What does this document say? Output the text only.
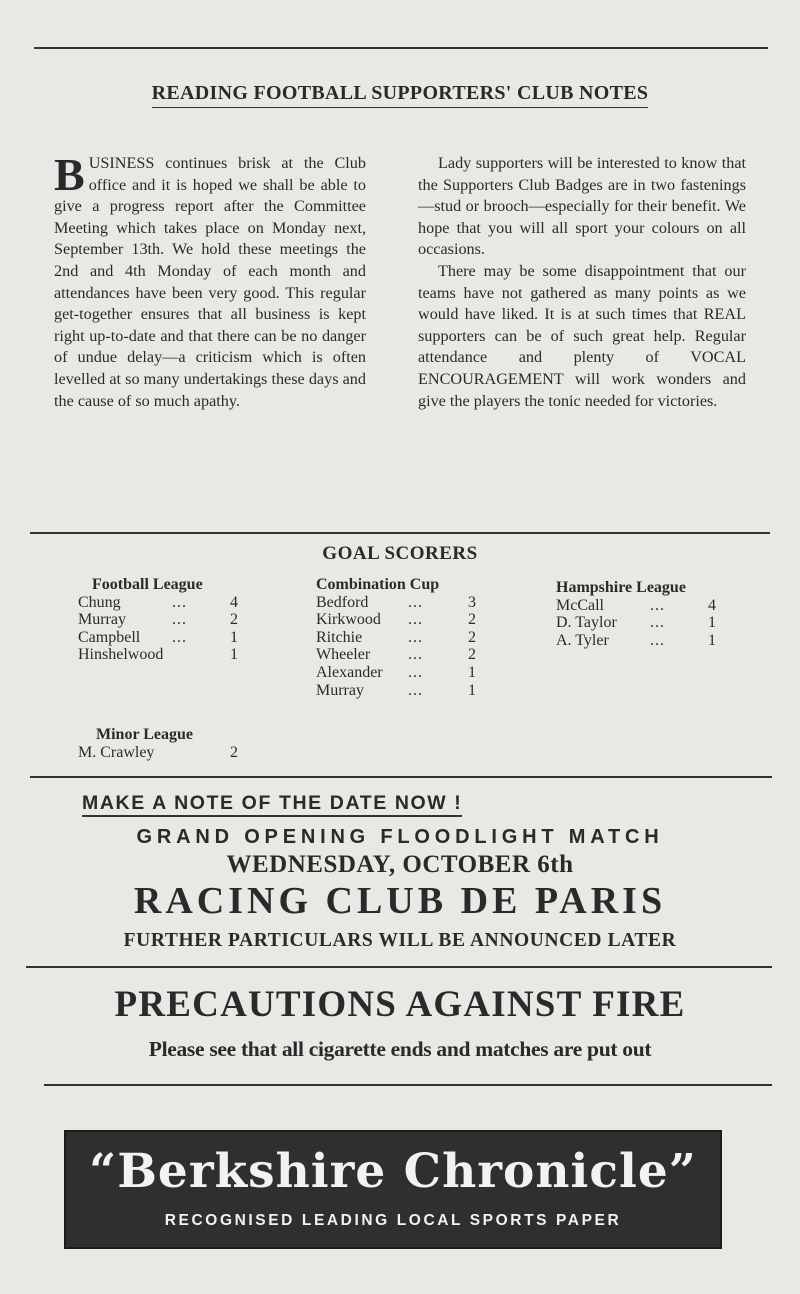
READING FOOTBALL SUPPORTERS' CLUB NOTES

BUSINESS continues brisk at the Club office and it is hoped we shall be able to give a progress report after the Committee Meeting which takes place on Monday next, September 13th. We hold these meetings the 2nd and 4th Monday of each month and attendances have been very good. This regular get-together ensures that all business is kept right up-to-date and that there can be no danger of undue delay—a criticism which is often levelled at so many undertakings these days and the cause of so much apathy.

Lady supporters will be interested to know that the Supporters Club Badges are in two fastenings—stud or brooch—especially for their benefit. We hope that you will all sport your colours on all occasions.

There may be some disappointment that our teams have not gathered as many points as we would have liked. It is at such times that REAL supporters can be of such great help. Regular attendance and plenty of VOCAL ENCOURAGEMENT will work wonders and give the players the tonic needed for victories.

GOAL SCORERS
Football League
Chung	...	4
Murray	...	2
Campbell ...	1
Hinshelwood	1
Combination Cup
Bedford ...	3
Kirkwood ...	2
Ritchie	...	2
Wheeler ...	2
Alexander ...	1
Murray	...	1
Hampshire League
McCall	...	4
D. Taylor ...	1
A. Tyler	...	1
Minor League
M. Crawley	2
MAKE A NOTE OF THE DATE NOW !
GRAND OPENING FLOODLIGHT MATCH
WEDNESDAY, OCTOBER 6th
RACING CLUB DE PARIS
FURTHER PARTICULARS WILL BE ANNOUNCED LATER
PRECAUTIONS AGAINST FIRE
Please see that all cigarette ends and matches are put out
“Berkshire Chronicle”
RECOGNISED LEADING LOCAL SPORTS PAPER
